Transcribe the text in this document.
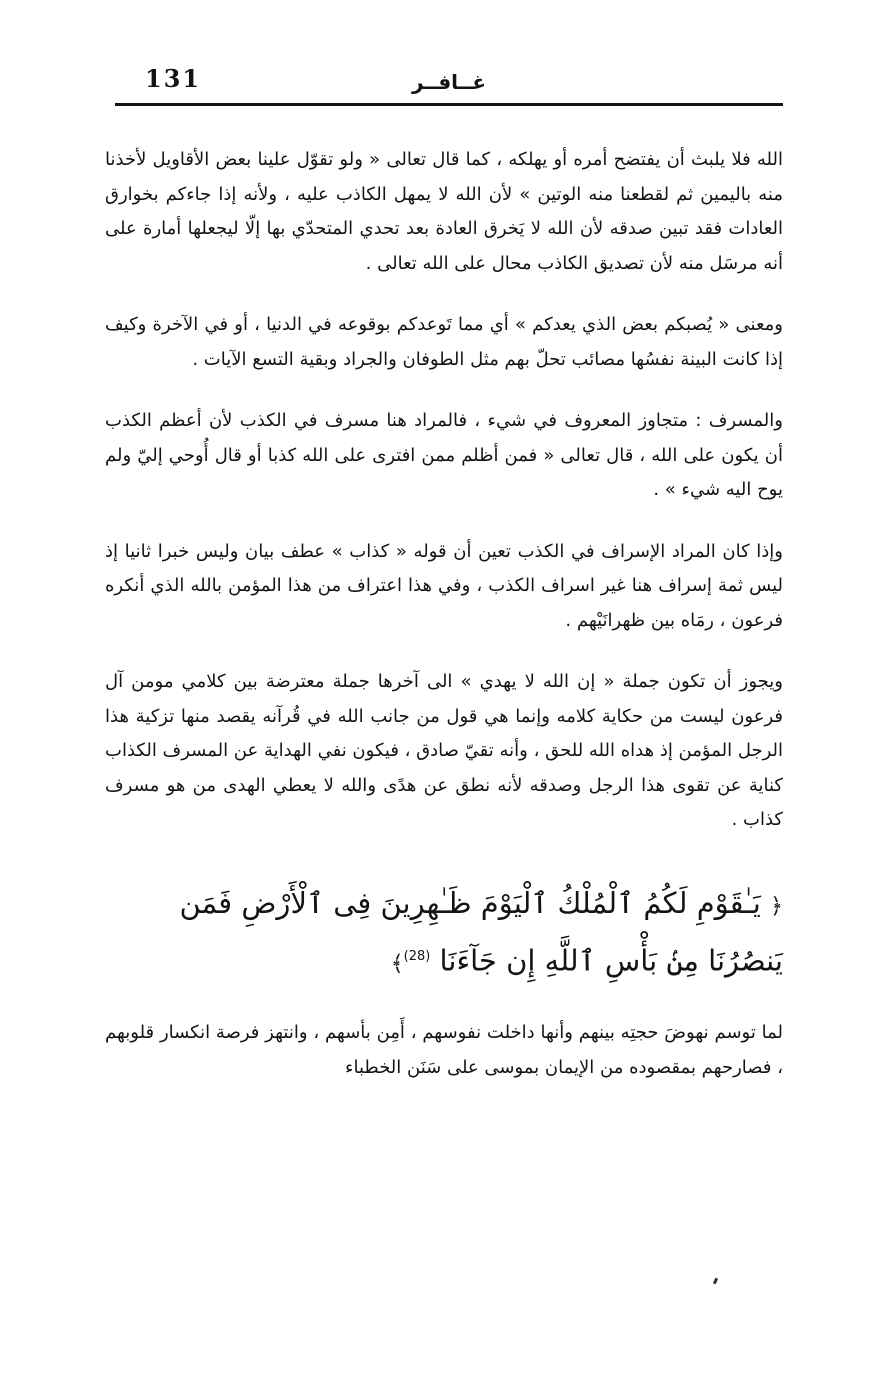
131	غــافــر

الله فلا يلبث أن يفتضح أمره أو يهلكه ، كما قال تعالى « ولو تقوّل علينا بعض الأقاويل لأخذنا منه باليمين ثم لقطعنا منه الوتين » لأن الله لا يمهل الكاذب عليه ، ولأنه إذا جاءكم بخوارق العادات فقد تبين صدقه لأن الله لا يَخرق العادة بعد تحدي المتحدّي بها إلّا ليجعلها أمارة على أنه مرسَل منه لأن تصديق الكاذب محال على الله تعالى .

ومعنى « يُصبكم بعض الذي يعدكم » أي مما تَوعدكم بوقوعه في الدنيا ، أو في الآخرة وكيف إذا كانت البينة نفسُها مصائب تحلّ بهم مثل الطوفان والجراد وبقية التسع الآيات .

والمسرف : متجاوز المعروف في شيء ، فالمراد هنا مسرف في الكذب لأن أعظم الكذب أن يكون على الله ، قال تعالى « فمن أظلم ممن افترى على الله كذبا أو قال أُوحي إليّ ولم يوح اليه شيء » .

وإذا كان المراد الإسراف في الكذب تعين أن قوله « كذاب » عطف بيان وليس خبرا ثانيا إذ ليس ثمة إسراف هنا غير اسراف الكذب ، وفي هذا اعتراف من هذا المؤمن بالله الذي أنكره فرعون ، رمَاه بين ظهرانَيْهم .

ويجوز أن تكون جملة « إن الله لا يهدي » الى آخرها جملة معترضة بين كلامي مومن آل فرعون ليست من حكاية كلامه وإنما هي قول من جانب الله في قُرآنه يقصد منها تزكية هذا الرجل المؤمن إذ هداه الله للحق ، وأنه تقيّ صادق ، فيكون نفي الهداية عن المسرف الكذاب كناية عن تقوى هذا الرجل وصدقه لأنه نطق عن هدًى والله لا يعطي الهدى من هو مسرف كذاب .

﴿ يَـٰقَوْمِ لَكُمُ ٱلْمُلْكُ ٱلْيَوْمَ ظَـٰهِرِينَ فِى ٱلْأَرْضِ فَمَن يَنصُرُنَا مِنۢ بَأْسِ ٱللَّهِ إِن جَآءَنَا $^{(28)}$﴾

لما توسم نهوضَ حجتِه بينهم وأنها داخلت نفوسهم ، أَمِن بأسهم ، وانتهز فرصة انكسار قلوبهم ، فصارحهم بمقصوده من الإيمان بموسى على سَنَن الخطباء
